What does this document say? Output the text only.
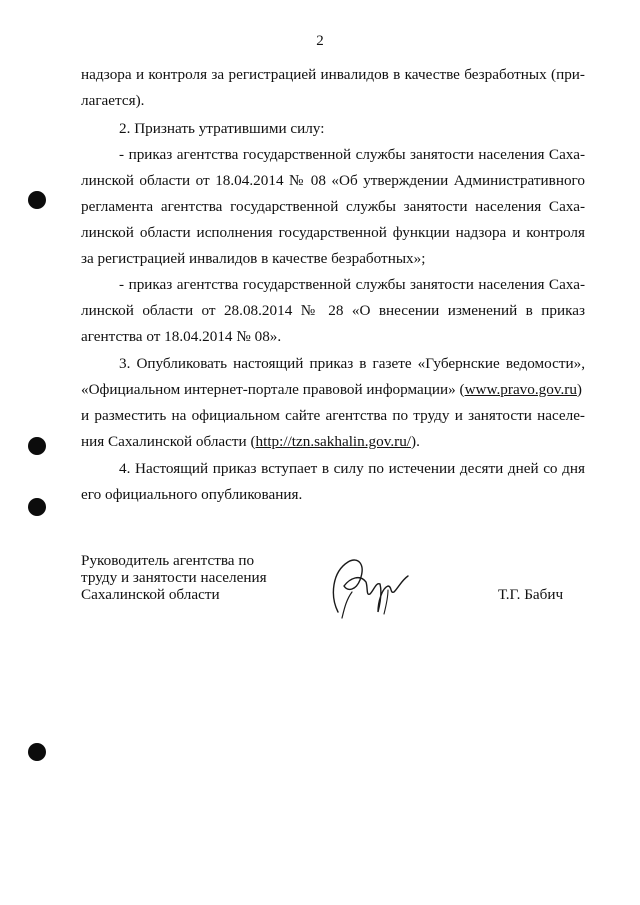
2
надзора и контроля за регистрацией инвалидов в качестве безработных (при-
лагается).
2. Признать утратившими силу:
- приказ агентства государственной службы занятости населения Саха-
линской области от 18.04.2014 № 08 «Об утверждении Административного
регламента агентства государственной службы занятости населения Саха-
линской области исполнения государственной функции надзора и контроля
за регистрацией инвалидов в качестве безработных»;
- приказ агентства государственной службы занятости населения Саха-
линской области от 28.08.2014 № 28 «О внесении изменений в приказ
агентства от 18.04.2014 № 08».
3. Опубликовать настоящий приказ в газете «Губернские ведомости»,
«Официальном интернет-портале правовой информации» (www.pravo.gov.ru)
и разместить на официальном сайте агентства по труду и занятости населе-
ния Сахалинской области (http://tzn.sakhalin.gov.ru/).
4. Настоящий приказ вступает в силу по истечении десяти дней со дня
его официального опубликования.
Руководитель агентства по
труду и занятости населения
Сахалинской области	Т.Г. Бабич
